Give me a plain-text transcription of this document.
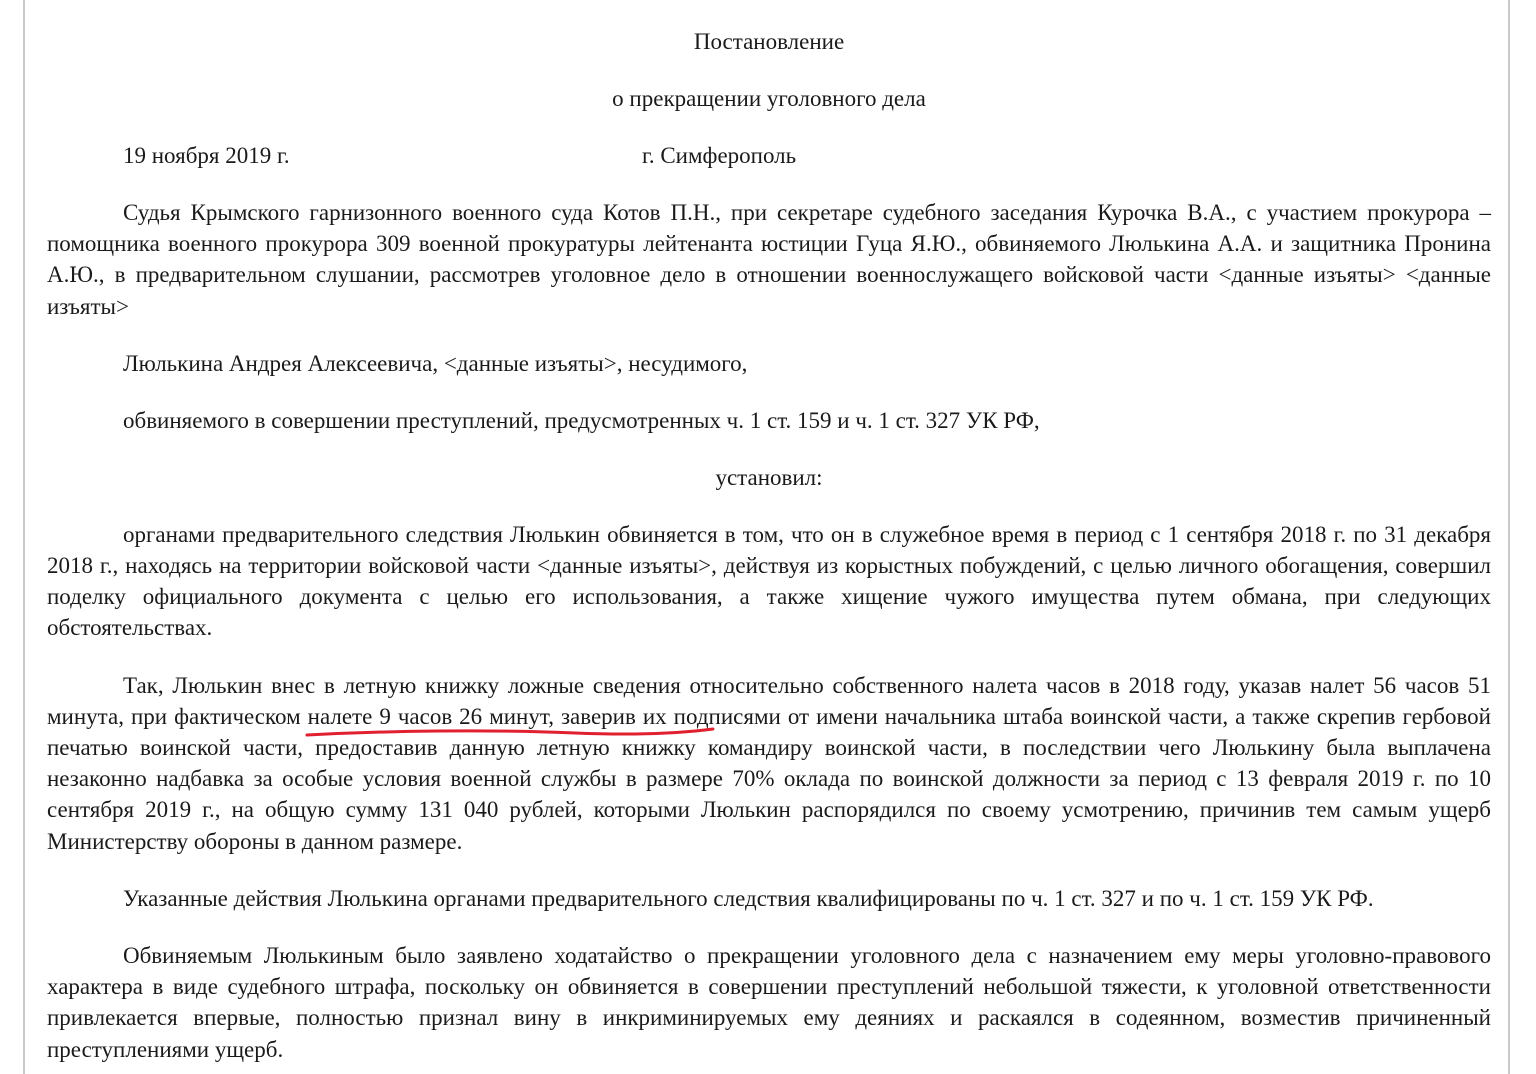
Постановление
о прекращении уголовного дела
19 ноября 2019 г.	г. Симферополь

Судья Крымского гарнизонного военного суда Котов П.Н., при секретаре судебного заседания Курочка В.А., с участием прокурора – помощника военного прокурора 309 военной прокуратуры лейтенанта юстиции Гуца Я.Ю., обвиняемого Люлькина А.А. и защитника Пронина А.Ю., в предварительном слушании, рассмотрев уголовное дело в отношении военнослужащего войсковой части <данные изъяты> <данные изъяты>

Люлькина Андрея Алексеевича, <данные изъяты>, несудимого,
обвиняемого в совершении преступлений, предусмотренных ч. 1 ст. 159 и ч. 1 ст. 327 УК РФ,
установил:

органами предварительного следствия Люлькин обвиняется в том, что он в служебное время в период с 1 сентября 2018 г. по 31 декабря 2018 г., находясь на территории войсковой части <данные изъяты>, действуя из корыстных побуждений, с целью личного обогащения, совершил поделку официального документа с целью его использования, а также хищение чужого имущества путем обмана, при следующих обстоятельствах.

Так, Люлькин внес в летную книжку ложные сведения относительно собственного налета часов в 2018 году, указав налет 56 часов 51 минута, при фактическом налете 9 часов 26 минут, заверив их подписями от имени начальника штаба воинской части, а также скрепив гербовой печатью воинской части, предоставив данную летную книжку командиру воинской части, в последствии чего Люлькину была выплачена незаконно надбавка за особые условия военной службы в размере 70% оклада по воинской должности за период с 13 февраля 2019 г. по 10 сентября 2019 г., на общую сумму 131 040 рублей, которыми Люлькин распорядился по своему усмотрению, причинив тем самым ущерб Министерству обороны в данном размере.

Указанные действия Люлькина органами предварительного следствия квалифицированы по ч. 1 ст. 327 и по ч. 1 ст. 159 УК РФ.

Обвиняемым Люлькиным было заявлено ходатайство о прекращении уголовного дела с назначением ему меры уголовно-правового характера в виде судебного штрафа, поскольку он обвиняется в совершении преступлений небольшой тяжести, к уголовной ответственности привлекается впервые, полностью признал вину в инкриминируемых ему деяниях и раскаялся в содеянном, возместив причиненный преступлениями ущерб.
